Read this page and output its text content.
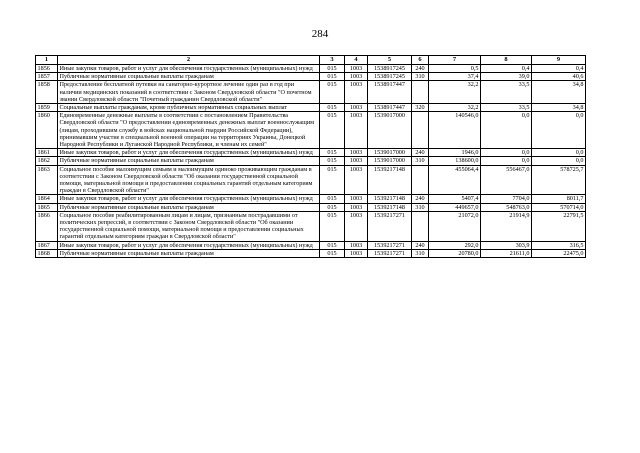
284
1	2	3	4	5	6	7	8	9
1856	Иные закупки товаров, работ и услуг для обеспечения государственных (муниципальных) нужд	015	1003	1538917245	240	0,5	0,4	0,4
1857	Публичные нормативные социальные выплаты гражданам	015	1003	1538917245	310	37,4	39,0	40,6
1858	Предоставление бесплатной путевки на санаторно-курортное лечение один раз в год при наличии медицинских показаний в соответствии с Законом Свердловской области "О почетном звании Свердловской области "Почетный гражданин Свердловской области"	015	1003	1538917447		32,2	33,5	34,8
1859	Социальные выплаты гражданам, кроме публичных нормативных социальных выплат	015	1003	1538917447	320	32,2	33,5	34,8
1860	Единовременные денежные выплаты в соответствии с постановлением Правительства Свердловской области "О предоставлении единовременных денежных выплат военнослужащим (лицам, проходившим службу в войсках национальной гвардии Российской Федерации), принимавшим участие в специальной военной операции на территориях Украины, Донецкой Народной Республики и Луганской Народной Республики, и членам их семей"	015	1003	1539017000		140546,0	0,0	0,0
1861	Иные закупки товаров, работ и услуг для обеспечения государственных (муниципальных) нужд	015	1003	1539017000	240	1946,0	0,0	0,0
1862	Публичные нормативные социальные выплаты гражданам	015	1003	1539017000	310	138600,0	0,0	0,0
1863	Социальное пособие малоимущим семьям и малоимущим одиноко проживающим гражданам в соответствии с Законом Свердловской области "Об оказании государственной социальной помощи, материальной помощи и предоставлении социальных гарантий отдельным категориям граждан в Свердловской области"	015	1003	1539217148		455064,4	556467,0	578725,7
1864	Иные закупки товаров, работ и услуг для обеспечения государственных (муниципальных) нужд	015	1003	1539217148	240	5407,4	7704,0	8011,7
1865	Публичные нормативные социальные выплаты гражданам	015	1003	1539217148	310	449657,0	548763,0	570714,0
1866	Социальное пособие реабилитированным лицам и лицам, признанным пострадавшими от политических репрессий, в соответствии с Законом Свердловской области "Об оказании государственной социальной помощи, материальной помощи и предоставлении социальных гарантий отдельным категориям граждан в Свердловской области"	015	1003	1539217271		21072,0	21914,9	22791,5
1867	Иные закупки товаров, работ и услуг для обеспечения государственных (муниципальных) нужд	015	1003	1539217271	240	292,0	303,9	316,5
1868	Публичные нормативные социальные выплаты гражданам	015	1003	1539217271	310	20780,0	21611,0	22475,0
